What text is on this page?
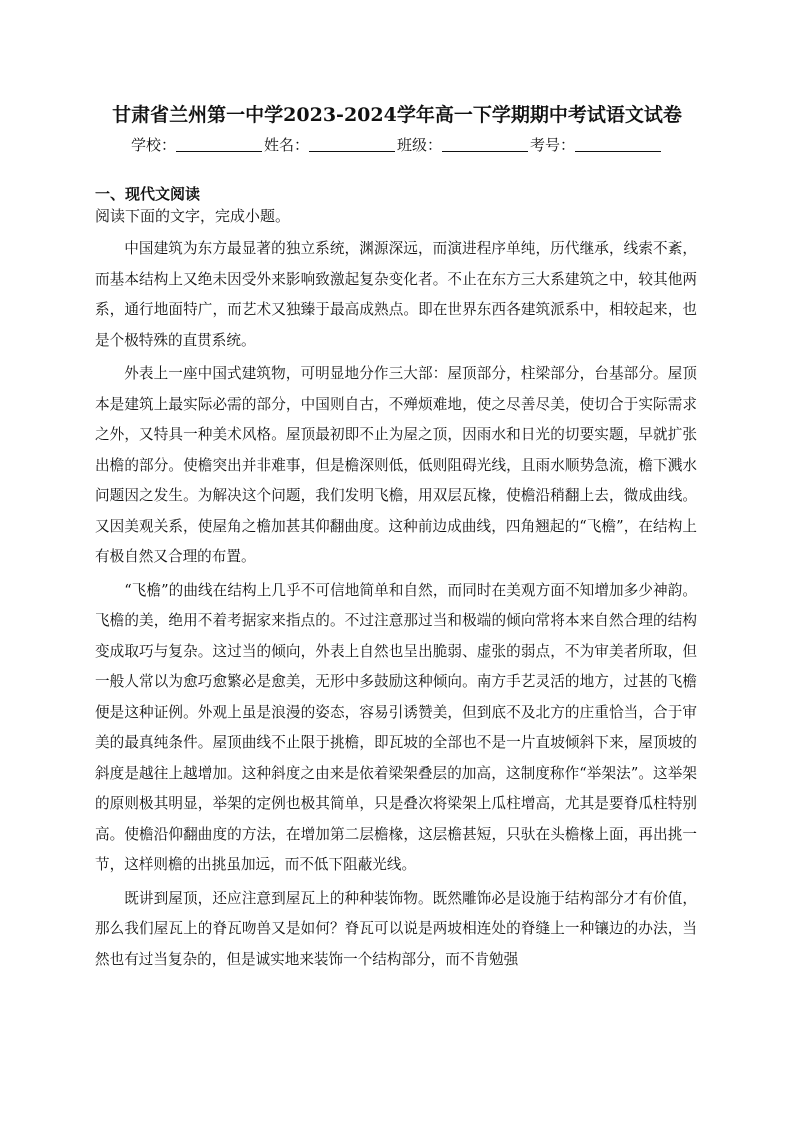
甘肃省兰州第一中学2023-2024学年高一下学期期中考试语文试卷
学校：	姓名：	班级：	考号：
一、现代文阅读
阅读下面的文字，完成小题。

中国建筑为东方最显著的独立系统，渊源深远，而演进程序单纯，历代继承，线索不紊，而基本结构上又绝未因受外来影响致激起复杂变化者。不止在东方三大系建筑之中，较其他两系，通行地面特广，而艺术又独臻于最高成熟点。即在世界东西各建筑派系中，相较起来，也是个极特殊的直贯系统。

外表上一座中国式建筑物，可明显地分作三大部：屋顶部分，柱梁部分，台基部分。屋顶本是建筑上最实际必需的部分，中国则自古，不殚烦难地，使之尽善尽美，使切合于实际需求之外，又特具一种美术风格。屋顶最初即不止为屋之顶，因雨水和日光的切要实题，早就扩张出檐的部分。使檐突出并非难事，但是檐深则低，低则阻碍光线，且雨水顺势急流，檐下溅水问题因之发生。为解决这个问题，我们发明飞檐，用双层瓦椽，使檐沿稍翻上去，微成曲线。又因美观关系，使屋角之檐加甚其仰翻曲度。这种前边成曲线，四角翘起的“飞檐”，在结构上有极自然又合理的布置。

“飞檐”的曲线在结构上几乎不可信地简单和自然，而同时在美观方面不知增加多少神韵。飞檐的美，绝用不着考据家来指点的。不过注意那过当和极端的倾向常将本来自然合理的结构变成取巧与复杂。这过当的倾向，外表上自然也呈出脆弱、虚张的弱点，不为审美者所取，但一般人常以为愈巧愈繁必是愈美，无形中多鼓励这种倾向。南方手艺灵活的地方，过甚的飞檐便是这种证例。外观上虽是浪漫的姿态，容易引诱赞美，但到底不及北方的庄重恰当，合于审美的最真纯条件。屋顶曲线不止限于挑檐，即瓦坡的全部也不是一片直坡倾斜下来，屋顶坡的斜度是越往上越增加。这种斜度之由来是依着梁架叠层的加高，这制度称作“举架法”。这举架的原则极其明显，举架的定例也极其简单，只是叠次将梁架上瓜柱增高，尤其是要脊瓜柱特别高。使檐沿仰翻曲度的方法，在增加第二层檐椽，这层檐甚短，只驮在头檐椽上面，再出挑一节，这样则檐的出挑虽加远，而不低下阻蔽光线。

既讲到屋顶，还应注意到屋瓦上的种种装饰物。既然雕饰必是设施于结构部分才有价值，那么我们屋瓦上的脊瓦吻兽又是如何？脊瓦可以说是两坡相连处的脊缝上一种镶边的办法，当然也有过当复杂的，但是诚实地来装饰一个结构部分，而不肯勉强
